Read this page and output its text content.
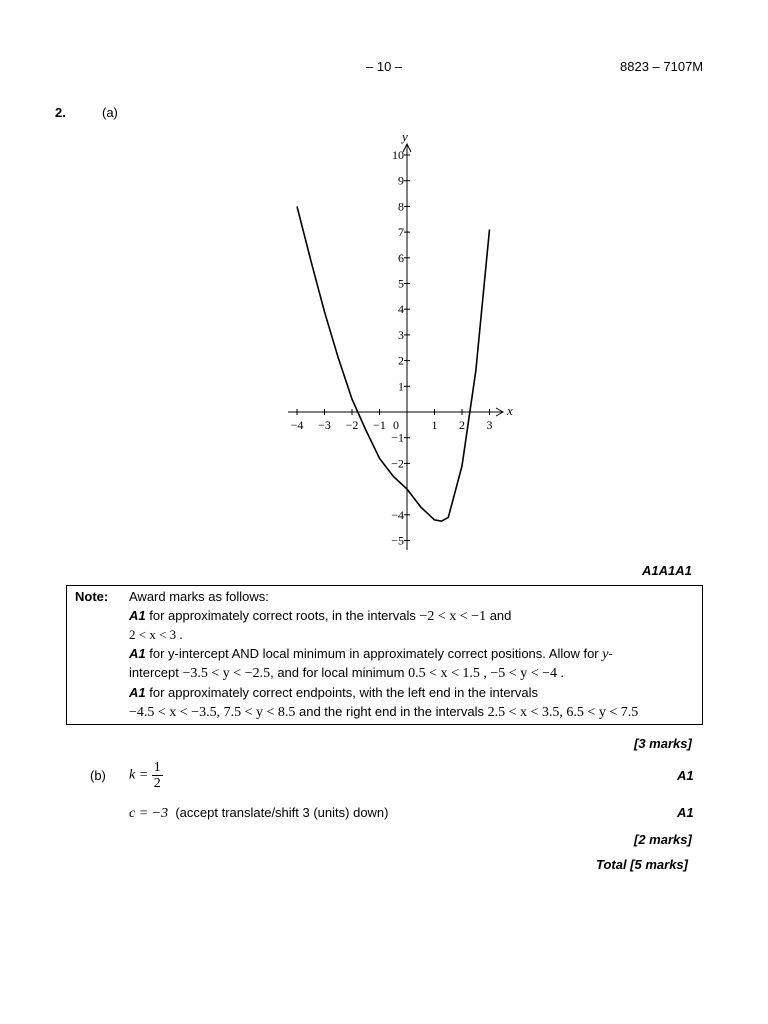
– 10 –	8823 – 7107M
2.	(a)
x
y
0
−4 −3 −2 −1	1 2 3
10
9
8
7
6
5
4
3
2
1
−1
−2
−4
−5
A1A1A1
Note: Award marks as follows:
A1 for approximately correct roots, in the intervals −2 < x < −1 and
2 < x < 3 .
A1 for y-intercept AND local minimum in approximately correct positions. Allow for y-
intercept −3.5 < y < −2.5, and for local minimum 0.5 < x < 1.5 , −5 < y < −4 .
A1 for approximately correct endpoints, with the left end in the intervals
−4.5 < x < −3.5, 7.5 < y < 8.5 and the right end in the intervals 2.5 < x < 3.5, 6.5 < y < 7.5
[3 marks]
(b) $k = \frac{1}{2}$	A1
c = −3 (accept translate/shift 3 (units) down)	A1
[2 marks]
Total [5 marks]
